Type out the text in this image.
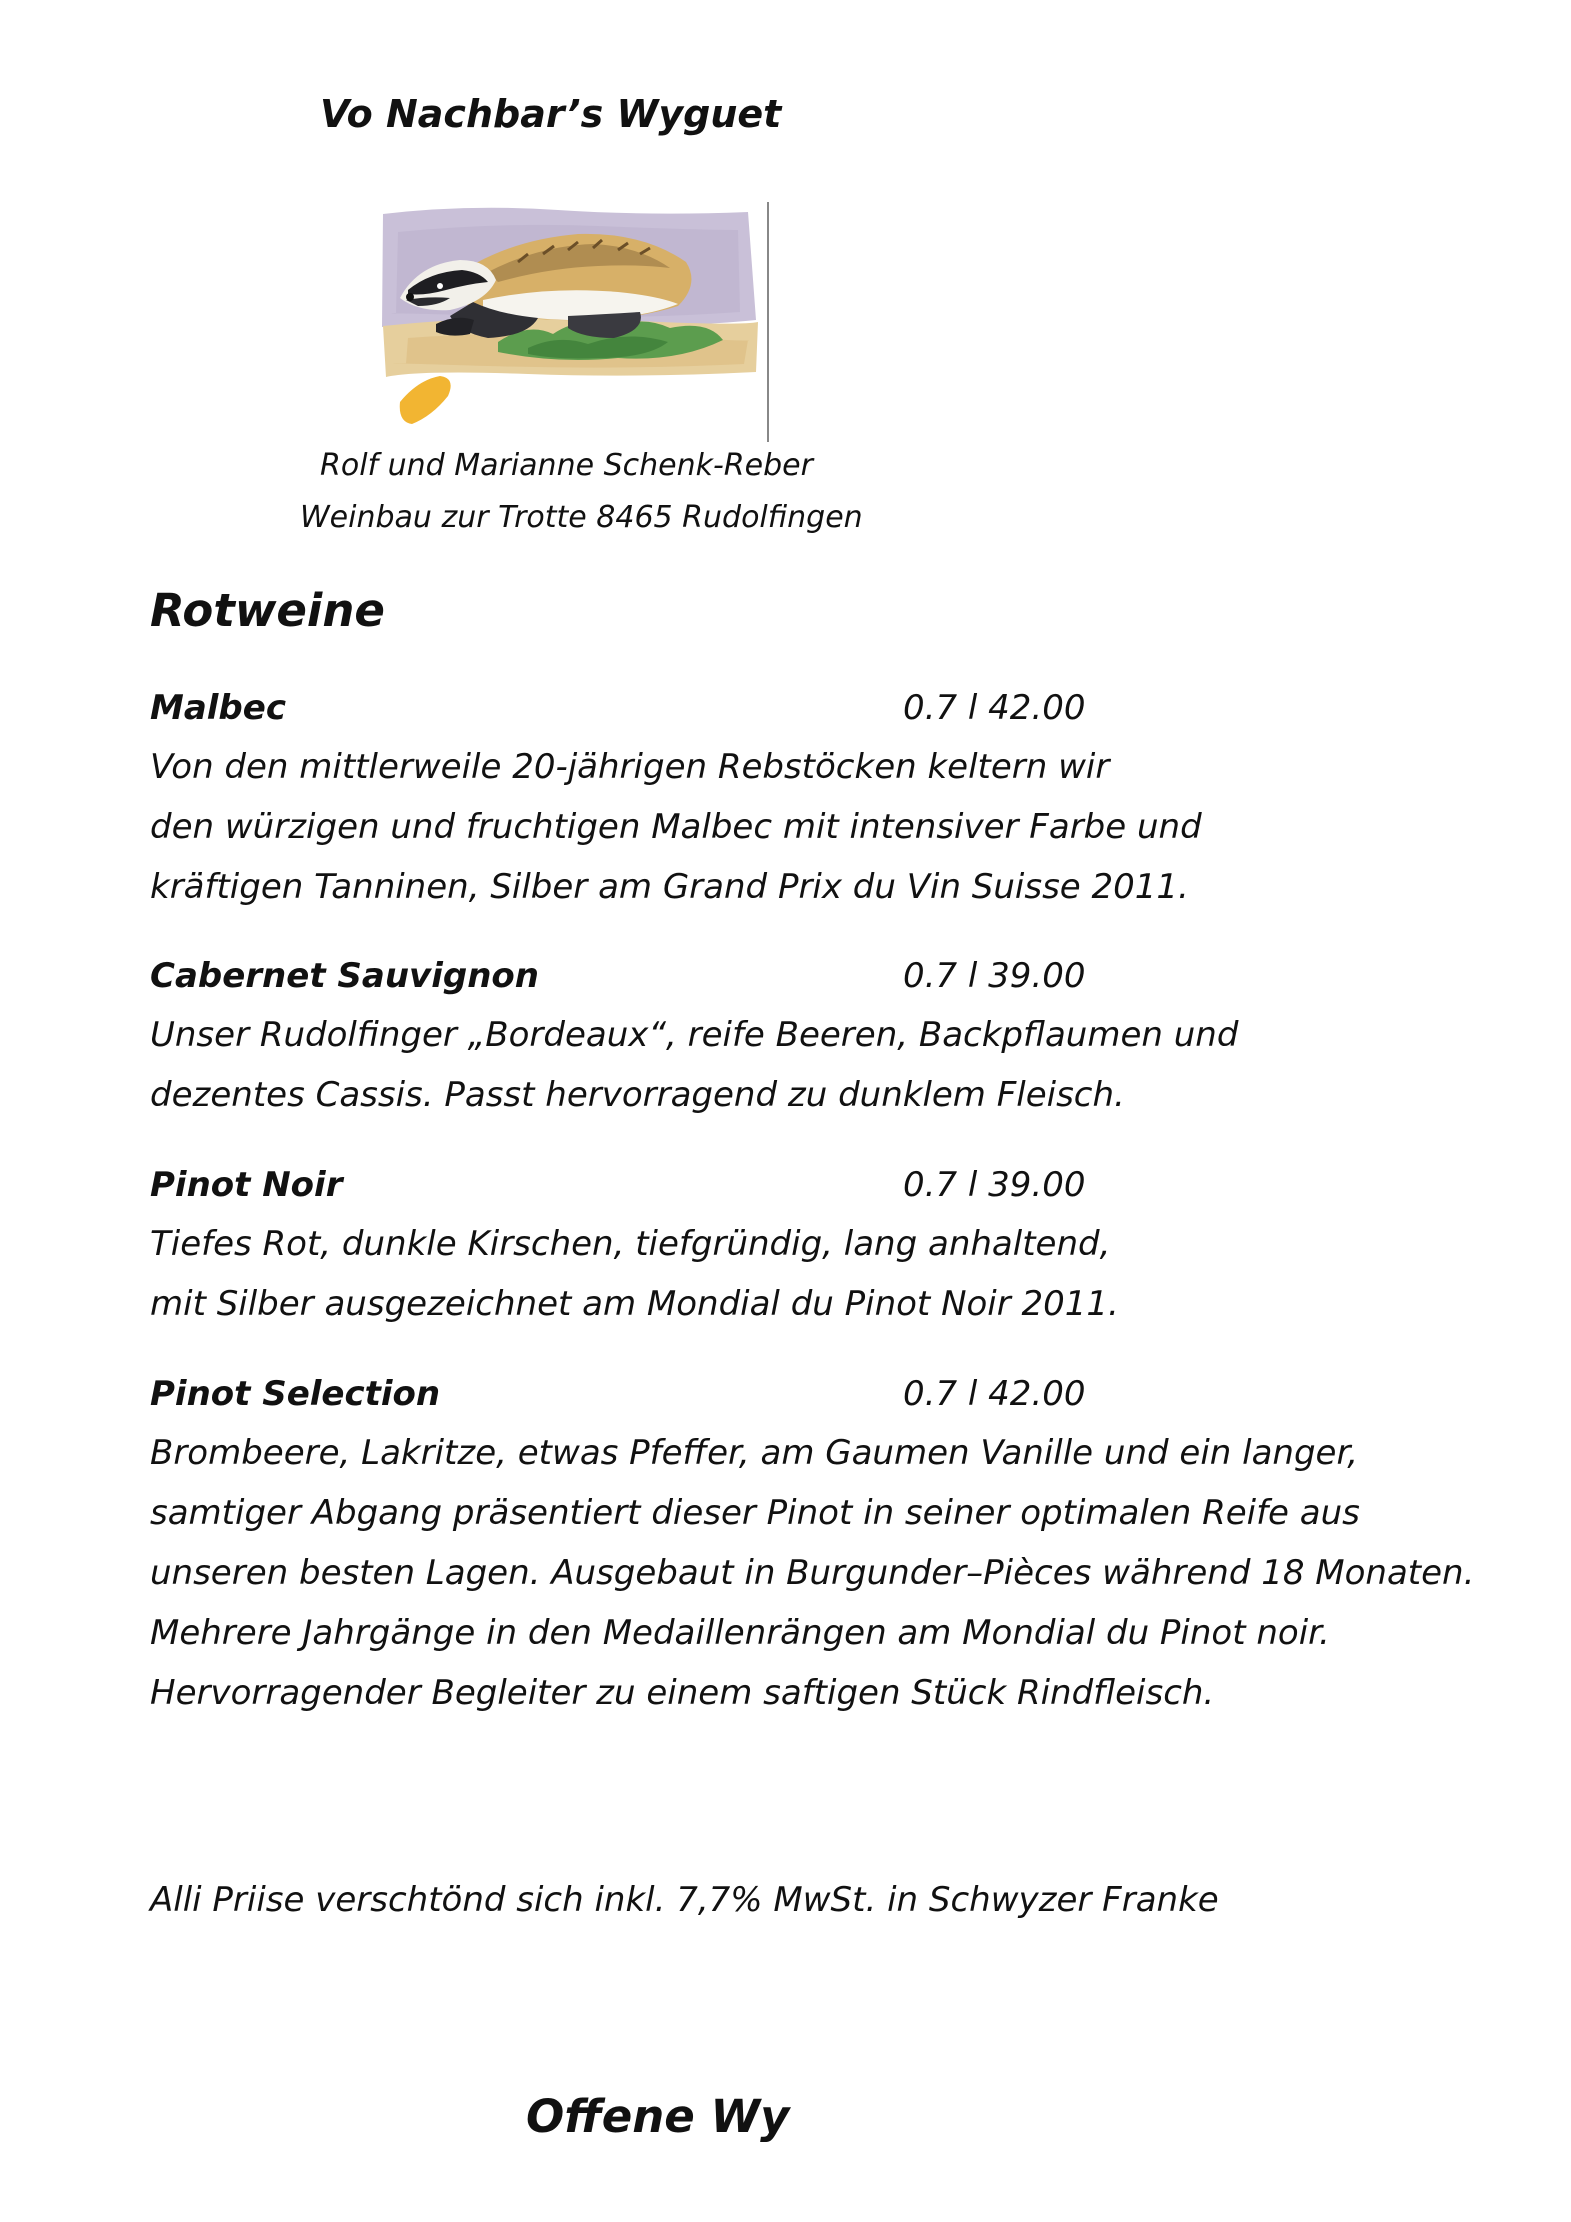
Vo Nachbar’s Wyguet
Rolf und Marianne Schenk-Reber
Weinbau zur Trotte 8465 Rudolfingen
Rotweine
Malbec	0.7 l 42.00
Von den mittlerweile 20-jährigen Rebstöcken keltern wir
den würzigen und fruchtigen Malbec mit intensiver Farbe und
kräftigen Tanninen, Silber am Grand Prix du Vin Suisse 2011.
Cabernet Sauvignon	0.7 l 39.00
Unser Rudolfinger „Bordeaux“, reife Beeren, Backpflaumen und
dezentes Cassis. Passt hervorragend zu dunklem Fleisch.
Pinot Noir	0.7 l 39.00
Tiefes Rot, dunkle Kirschen, tiefgründig, lang anhaltend,
mit Silber ausgezeichnet am Mondial du Pinot Noir 2011.
Pinot Selection	0.7 l 42.00
Brombeere, Lakritze, etwas Pfeffer, am Gaumen Vanille und ein langer,
samtiger Abgang präsentiert dieser Pinot in seiner optimalen Reife aus
unseren besten Lagen. Ausgebaut in Burgunder–Pièces während 18 Monaten.
Mehrere Jahrgänge in den Medaillenrängen am Mondial du Pinot noir.
Hervorragender Begleiter zu einem saftigen Stück Rindfleisch.
Alli Priise verschtönd sich inkl. 7,7% MwSt. in Schwyzer Franke
Offene Wy
